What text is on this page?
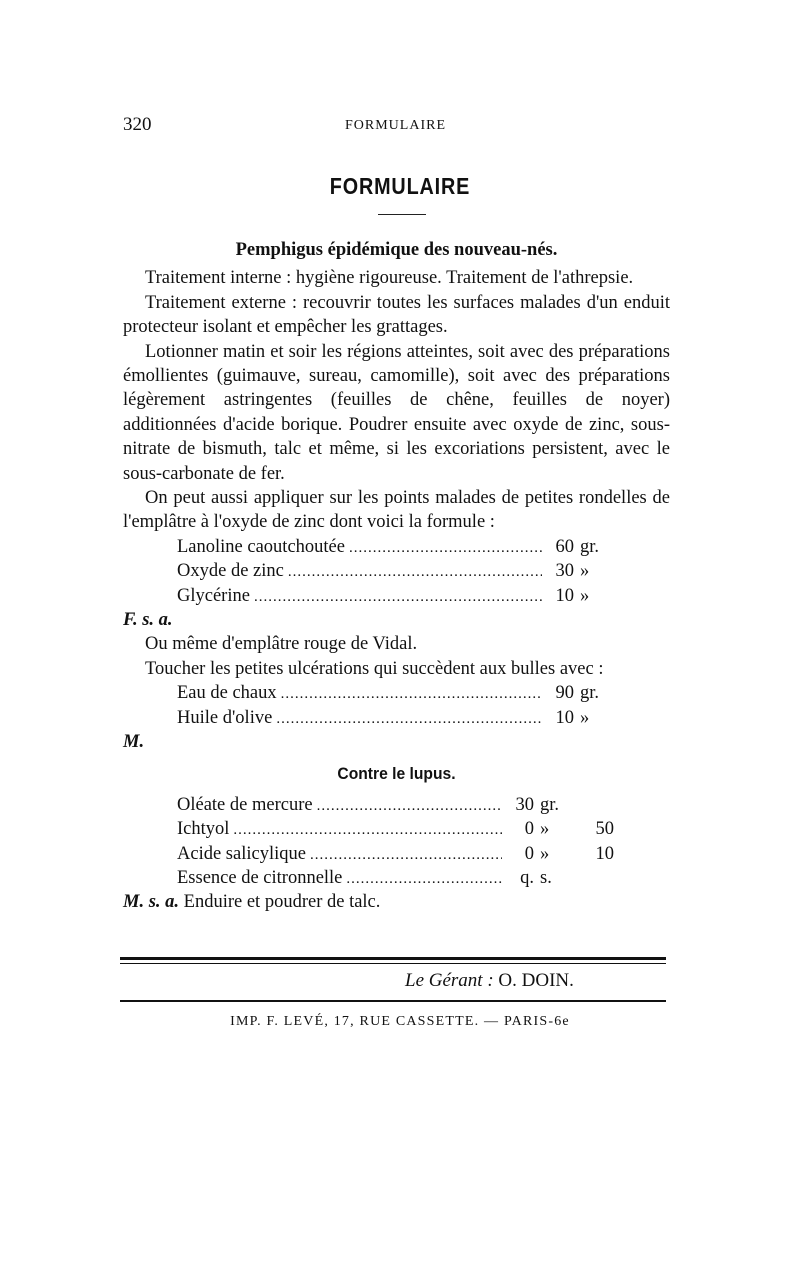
320	FORMULAIRE
FORMULAIRE
Pemphigus épidémique des nouveau-nés.

Traitement interne : hygiène rigoureuse. Traitement de l'athrepsie.

Traitement externe : recouvrir toutes les surfaces malades d'un enduit protecteur isolant et empêcher les grattages.

Lotionner matin et soir les régions atteintes, soit avec des préparations émollientes (guimauve, sureau, camomille), soit avec des préparations légèrement astringentes (feuilles de chêne, feuilles de noyer) additionnées d'acide borique. Poudrer ensuite avec oxyde de zinc, sous-nitrate de bismuth, talc et même, si les excoriations persistent, avec le sous-carbonate de fer.

On peut aussi appliquer sur les points malades de petites rondelles de l'emplâtre à l'oxyde de zinc dont voici la formule :

Lanoline caoutchoutée .....	60 gr.
Oxyde de zinc .....	30 »
Glycérine .....	10 »
F. s. a.

Ou même d'emplâtre rouge de Vidal.

Toucher les petites ulcérations qui succèdent aux bulles avec :

Eau de chaux .....	90 gr.
Huile d'olive .....	10 »
M.
Contre le lupus.
Oléate de mercure .....	30 gr.
Ichtyol .....	0 »	50
Acide salicylique .....	0 »	10
Essence de citronnelle .....	q. s.
M. s. a. Enduire et poudrer de talc.
Le Gérant : O. DOIN.
IMP. F. LEVÉ, 17, RUE CASSETTE. — PARIS-6e
